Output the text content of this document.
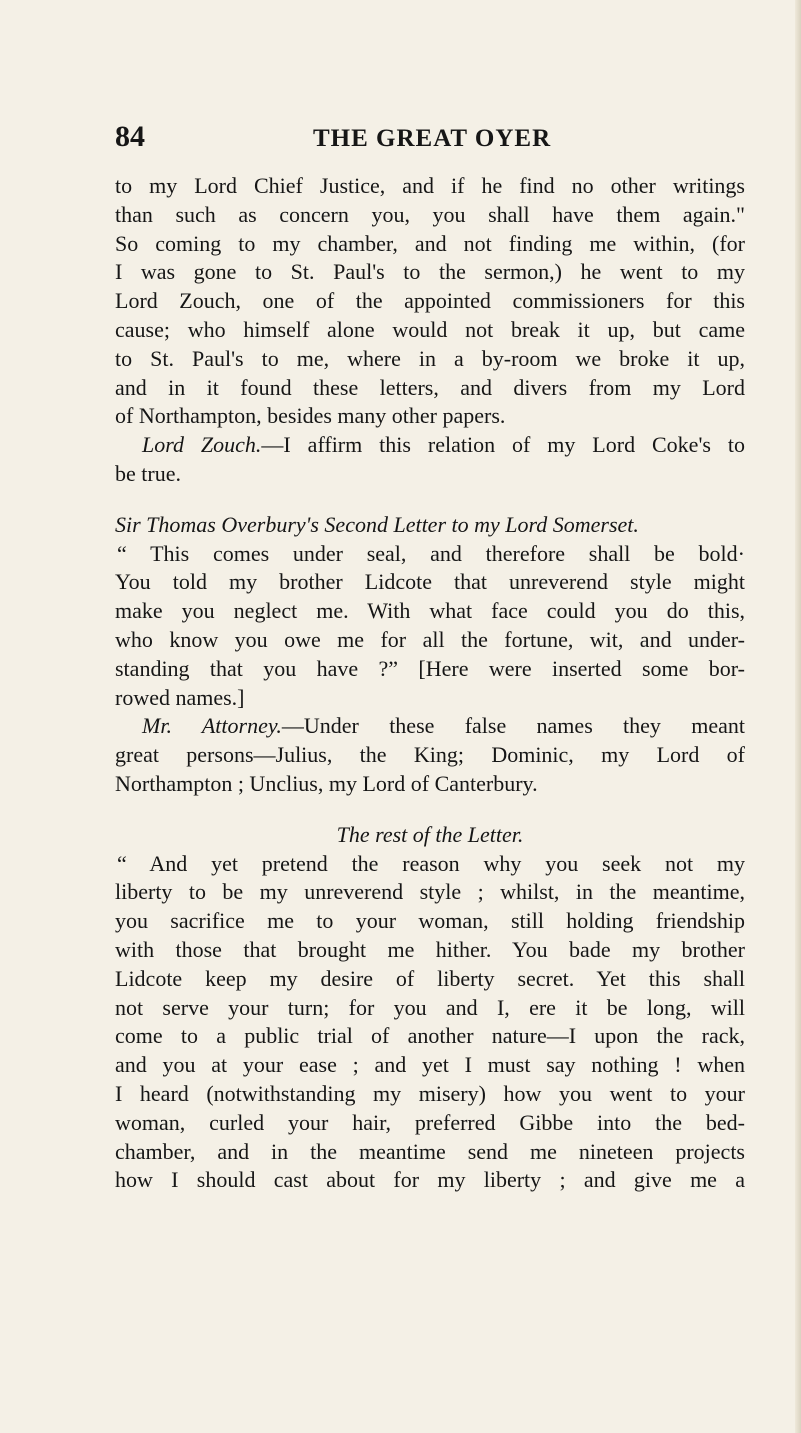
84	THE GREAT OYER
to my Lord Chief Justice, and if he find no other writings
than such as concern you, you shall have them again."
So coming to my chamber, and not finding me within, (for
I was gone to St. Paul's to the sermon,) he went to my
Lord Zouch, one of the appointed commissioners for this
cause; who himself alone would not break it up, but came
to St. Paul's to me, where in a by-room we broke it up,
and in it found these letters, and divers from my Lord
of Northampton, besides many other papers.
Lord Zouch.—I affirm this relation of my Lord Coke's to
be true.
Sir Thomas Overbury's Second Letter to my Lord Somerset.
“ This comes under seal, and therefore shall be bold·
You told my brother Lidcote that unreverend style might
make you neglect me. With what face could you do this,
who know you owe me for all the fortune, wit, and under-
standing that you have ?” [Here were inserted some bor-
rowed names.]
Mr. Attorney.—Under these false names they meant
great persons—Julius, the King; Dominic, my Lord of
Northampton ; Unclius, my Lord of Canterbury.
The rest of the Letter.
“ And yet pretend the reason why you seek not my
liberty to be my unreverend style ; whilst, in the meantime,
you sacrifice me to your woman, still holding friendship
with those that brought me hither. You bade my brother
Lidcote keep my desire of liberty secret. Yet this shall
not serve your turn; for you and I, ere it be long, will
come to a public trial of another nature—I upon the rack,
and you at your ease ; and yet I must say nothing ! when
I heard (notwithstanding my misery) how you went to your
woman, curled your hair, preferred Gibbe into the bed-
chamber, and in the meantime send me nineteen projects
how I should cast about for my liberty ; and give me a
